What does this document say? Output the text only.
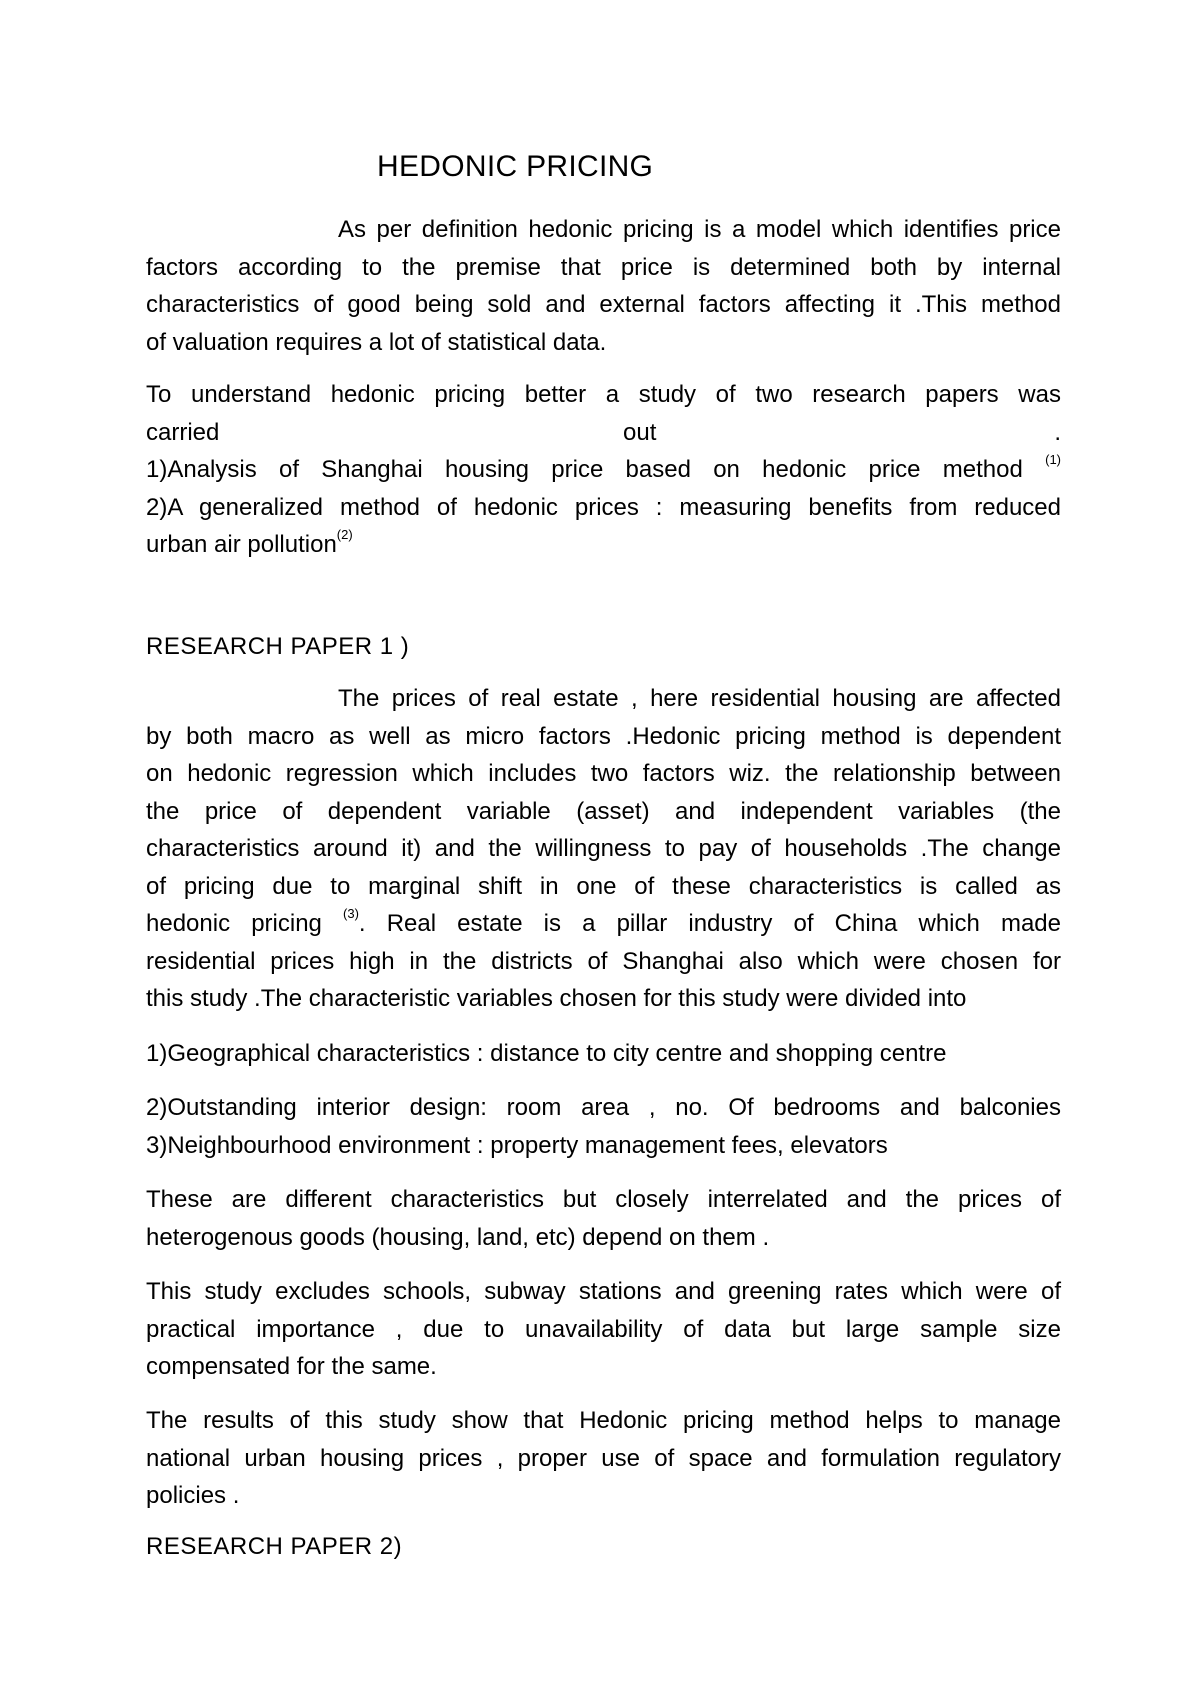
HEDONIC PRICING
As per definition hedonic pricing is a model which identifies price
factors according to the premise that price is determined both by internal
characteristics of good being sold and external factors affecting it .This method
of valuation requires a lot of statistical data.
To understand hedonic pricing better a study of two research papers was
carried	out	.
1)Analysis of Shanghai housing price based on hedonic price method $^{(1)}$
2)A generalized method of hedonic prices : measuring benefits from reduced
urban air pollution$^{(2)}$
RESEARCH PAPER 1 )
The prices of real estate , here residential housing are affected
by both macro as well as micro factors .Hedonic pricing method is dependent
on hedonic regression which includes two factors wiz. the relationship between
the price of dependent variable (asset) and independent variables (the
characteristics around it) and the willingness to pay of households .The change
of pricing due to marginal shift in one of these characteristics is called as
hedonic pricing $^{(3)}$. Real estate is a pillar industry of China which made
residential prices high in the districts of Shanghai also which were chosen for
this study .The characteristic variables chosen for this study were divided into
1)Geographical characteristics : distance to city centre and shopping centre
2)Outstanding interior design: room area , no. Of bedrooms and balconies
3)Neighbourhood environment : property management fees, elevators
These are different characteristics but closely interrelated and the prices of
heterogenous goods (housing, land, etc) depend on them .
This study excludes schools, subway stations and greening rates which were of
practical importance , due to unavailability of data but large sample size
compensated for the same.
The results of this study show that Hedonic pricing method helps to manage
national urban housing prices , proper use of space and formulation regulatory
policies .
RESEARCH PAPER 2)
